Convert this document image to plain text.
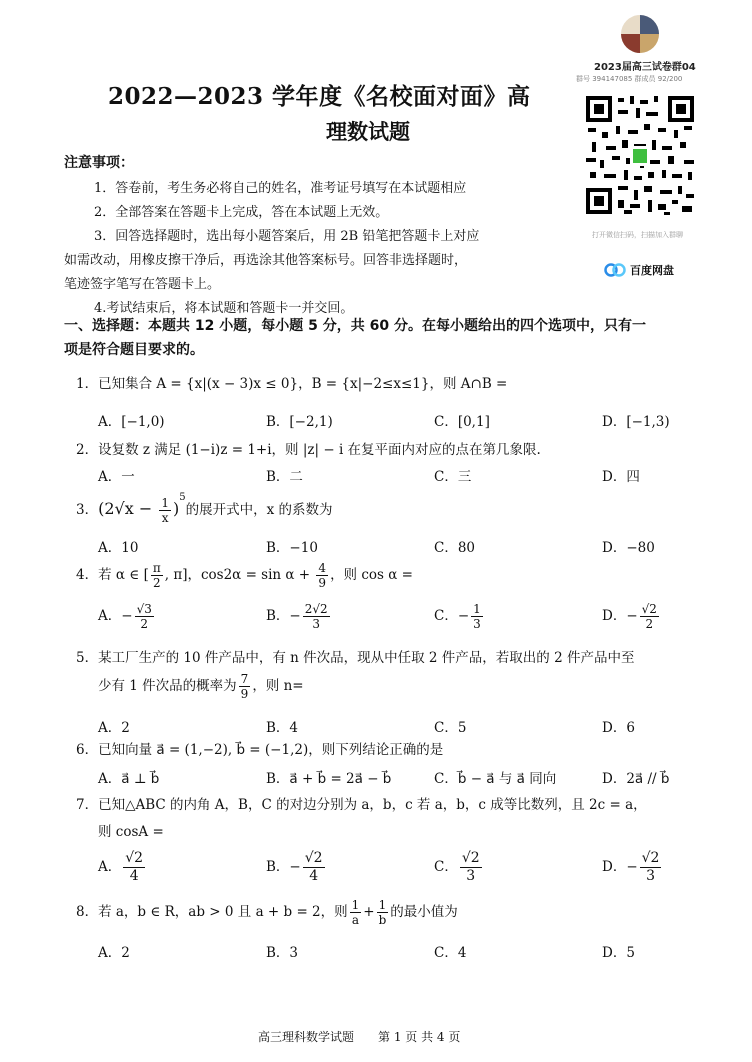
2023届高三试卷群04
群号 394147085 群成员 92/200
打开微信扫码，扫描加入群聊
百度网盘
2022—2023 学年度《名校面对面》高
理数试题
注意事项：
1．答卷前，考生务必将自己的姓名，准考证号填写在本试题相应
2．全部答案在答题卡上完成，答在本试题上无效。
3．回答选择题时，选出每小题答案后，用 2B 铅笔把答题卡上对应
如需改动，用橡皮擦干净后，再选涂其他答案标号。回答非选择题时，
笔迹签字笔写在答题卡上。
4.考试结束后，将本试题和答题卡一并交回。
一、选择题：本题共 12 小题，每小题 5 分，共 60 分。在每小题给出的四个选项中，只有一
项是符合题目要求的。
1．已知集合 A = {x|(x − 3)x ≤ 0}，B = {x|−2≤x≤1}，则 A∩B =
A．[−1,0)	B．[−2,1)	C．[0,1]	D．[−1,3)
2．设复数 z 满足 (1−i)z = 1+i，则 |z| − i 在复平面内对应的点在第几象限.
A．一	B．二	C．三	D．四
3．$(2√x - \frac{1}{x} )^5$的展开式中，x 的系数为
A．10	B．−10	C．80	D．−80
4．若 α ∈ [ $\frac{\pi}{2}$ , π]，$\cos 2\alpha = \sin \alpha + \frac{4}{9}$ ，则 cos α =
A．− $\frac{√3}{2}$	B．− $\frac{2√2}{3}$	C．− $\frac{1}{3}$	D．− $\frac{√2}{2}$
5．某工厂生产的 10 件产品中，有 n 件次品，现从中任取 2 件产品，若取出的 2 件产品中至
少有 1 件次品的概率为 $\frac{7}{9}$ ，则 n=
A．2	B．4	C．5	D．6
6．已知向量 a⃗ = (1,−2), b⃗ = (−1,2)，则下列结论正确的是
A．a⃗ ⊥ b⃗	B．a⃗ + b⃗ = 2a⃗ − b⃗	C．b⃗ − a⃗ 与 a⃗ 同向	D．2a⃗ // b⃗
7．已知△ABC 的内角 A，B，C 的对边分别为 a，b，c 若 a，b，c 成等比数列，且 2c = a，
则 cosA =
A． $\frac{√2}{4}$	B．− $\frac{√2}{4}$	C． $\frac{√2}{3}$	D．− $\frac{√2}{3}$
8．若 a，b ∈ R，ab > 0 且 a + b = 2，则 $\frac{1}{a} + \frac{1}{b}$ 的最小值为
A．2	B．3	C．4	D．5
高三理科数学试题　　第 1 页 共 4 页
